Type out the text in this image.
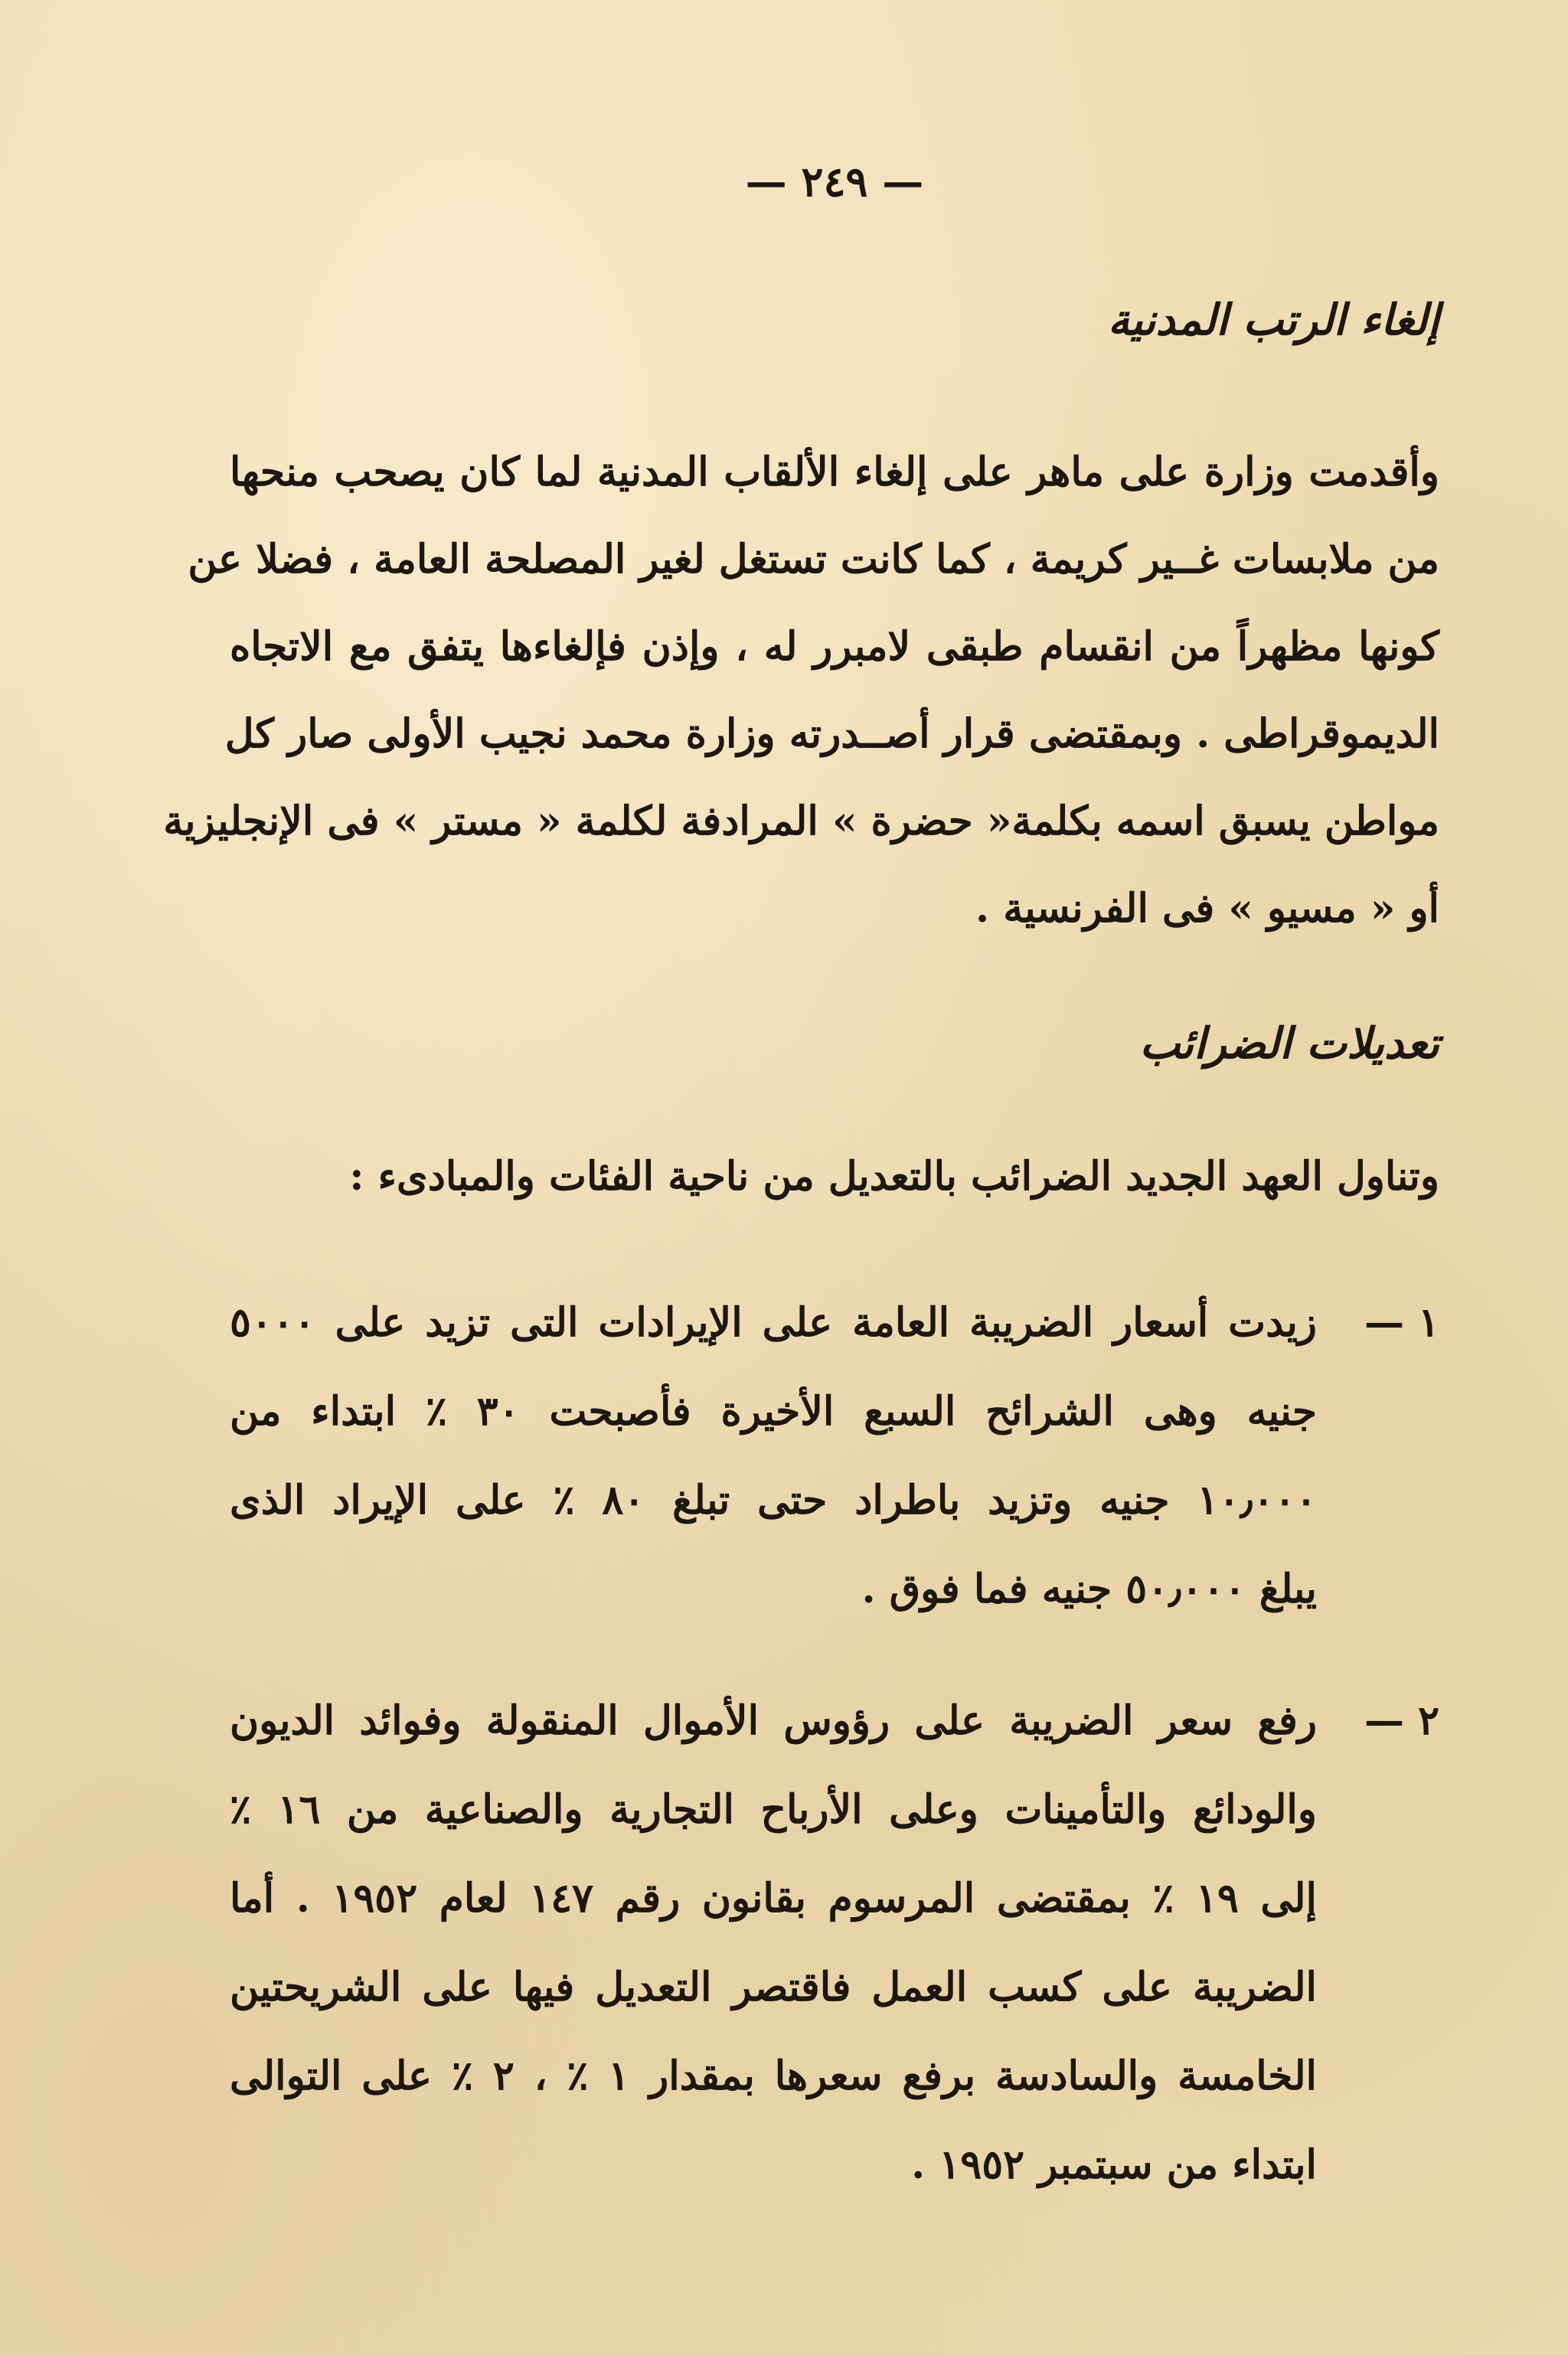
— ٢٤٩ —
إلغاء الرتب المدنية
وأقدمت وزارة على ماهر على إلغاء الألقاب المدنية لما كان يصحب منحها
من ملابسات غــير كريمة ، كما كانت تستغل لغير المصلحة العامة ، فضلا عن
كونها مظهراً من انقسام طبقى لامبرر له ، وإذن فإلغاءها يتفق مع الاتجاه
الديموقراطى . وبمقتضى قرار أصــدرته وزارة محمد نجيب الأولى صار كل
مواطن يسبق اسمه بكلمة« حضرة » المرادفة لكلمة « مستر » فى الإنجليزية
أو « مسيو » فى الفرنسية .
تعديلات الضرائب
وتناول العهد الجديد الضرائب بالتعديل من ناحية الفئات والمبادىء :
١ —
زيدت أسعار الضريبة العامة على الإيرادات التى تزيد على ٥٠٠٠
جنيه وهى الشرائح السبع الأخيرة فأصبحت ٣٠ ٪ ابتداء من
١٠٫٠٠٠ جنيه وتزيد باطراد حتى تبلغ ٨٠ ٪ على الإيراد الذى
يبلغ ٥٠٫٠٠٠ جنيه فما فوق .
٢ —
رفع سعر الضريبة على رؤوس الأموال المنقولة وفوائد الديون
والودائع والتأمينات وعلى الأرباح التجارية والصناعية من ١٦ ٪
إلى ١٩ ٪ بمقتضى المرسوم بقانون رقم ١٤٧ لعام ١٩٥٢ . أما
الضريبة على كسب العمل فاقتصر التعديل فيها على الشريحتين
الخامسة والسادسة برفع سعرها بمقدار ١ ٪ ، ٢ ٪ على التوالى
ابتداء من سبتمبر ١٩٥٢ .
